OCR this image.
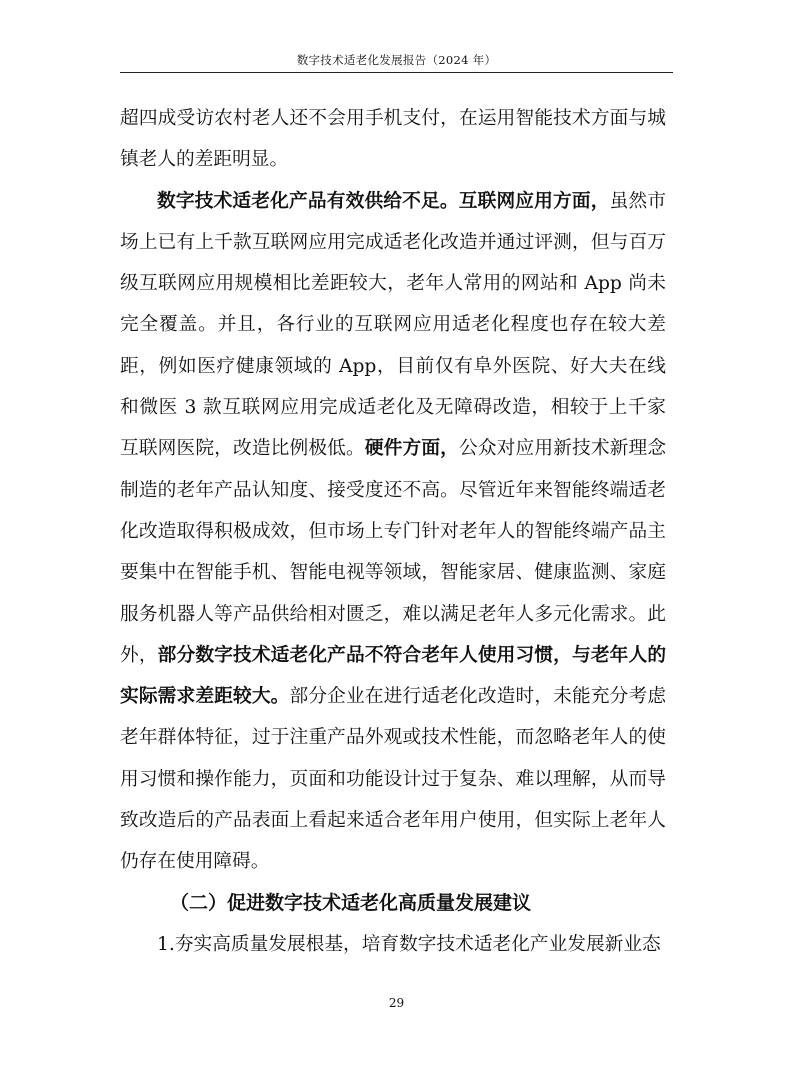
数字技术适老化发展报告（2024 年）

超四成受访农村老人还不会用手机支付，在运用智能技术方面与城镇老人的差距明显。

数字技术适老化产品有效供给不足。互联网应用方面，虽然市场上已有上千款互联网应用完成适老化改造并通过评测，但与百万级互联网应用规模相比差距较大，老年人常用的网站和 App 尚未完全覆盖。并且，各行业的互联网应用适老化程度也存在较大差距，例如医疗健康领域的 App，目前仅有阜外医院、好大夫在线和微医 3 款互联网应用完成适老化及无障碍改造，相较于上千家互联网医院，改造比例极低。硬件方面，公众对应用新技术新理念制造的老年产品认知度、接受度还不高。尽管近年来智能终端适老化改造取得积极成效，但市场上专门针对老年人的智能终端产品主要集中在智能手机、智能电视等领域，智能家居、健康监测、家庭服务机器人等产品供给相对匮乏，难以满足老年人多元化需求。此外，部分数字技术适老化产品不符合老年人使用习惯，与老年人的实际需求差距较大。部分企业在进行适老化改造时，未能充分考虑老年群体特征，过于注重产品外观或技术性能，而忽略老年人的使用习惯和操作能力，页面和功能设计过于复杂、难以理解，从而导致改造后的产品表面上看起来适合老年用户使用，但实际上老年人仍存在使用障碍。

（二）促进数字技术适老化高质量发展建议

1.夯实高质量发展根基，培育数字技术适老化产业发展新业态

29
